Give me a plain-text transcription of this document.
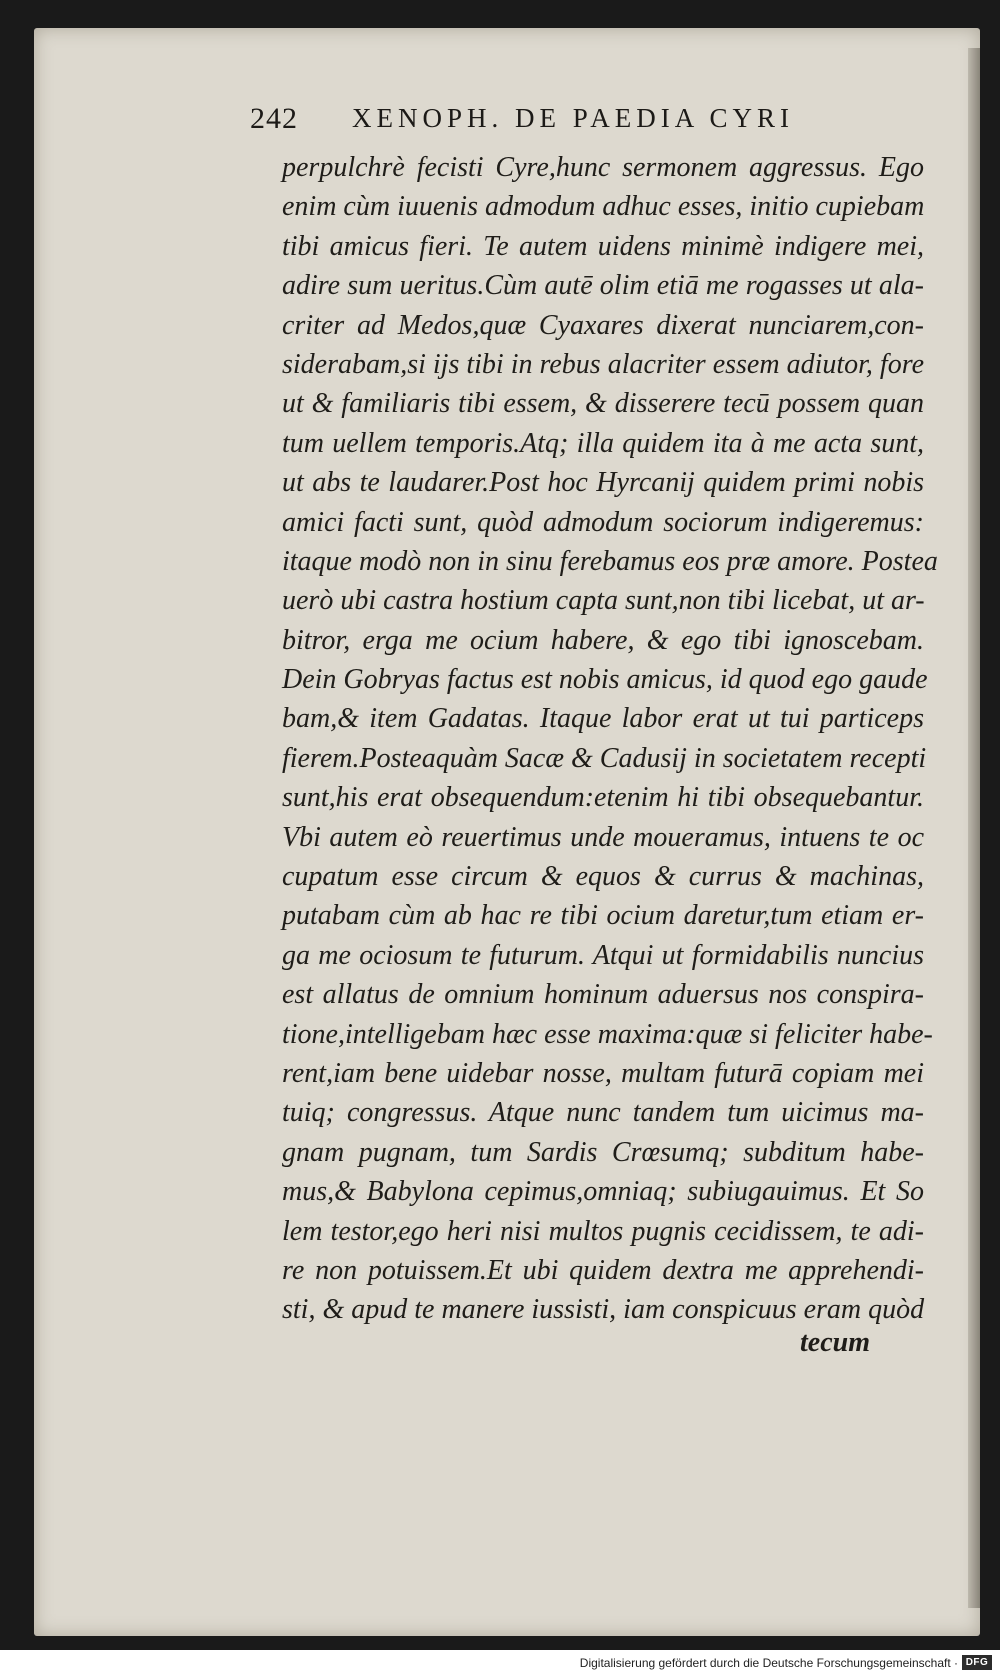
242 XENOPH. DE PAEDIA CYRI
perpulchrè fecisti Cyre,hunc sermonem aggressus. Ego
enim cùm iuuenis admodum adhuc esses, initio cupiebam
tibi amicus fieri. Te autem uidens minimè indigere mei,
adire sum ueritus.Cùm autē olim etiā me rogasses ut ala-
criter ad Medos,quæ Cyaxares dixerat nunciarem,con-
siderabam,si ijs tibi in rebus alacriter essem adiutor, fore
ut & familiaris tibi essem, & disserere tecū possem quan
tum uellem temporis.Atq; illa quidem ita à me acta sunt,
ut abs te laudarer.Post hoc Hyrcanij quidem primi nobis
amici facti sunt, quòd admodum sociorum indigeremus:
itaque modò non in sinu ferebamus eos præ amore. Postea
uerò ubi castra hostium capta sunt,non tibi licebat, ut ar-
bitror, erga me ocium habere, & ego tibi ignoscebam.
Dein Gobryas factus est nobis amicus, id quod ego gaude
bam,& item Gadatas. Itaque labor erat ut tui particeps
fierem.Posteaquàm Sacæ & Cadusij in societatem recepti
sunt,his erat obsequendum:etenim hi tibi obsequebantur.
Vbi autem eò reuertimus unde moueramus, intuens te oc
cupatum esse circum & equos & currus & machinas,
putabam cùm ab hac re tibi ocium daretur,tum etiam er-
ga me ociosum te futurum. Atqui ut formidabilis nuncius
est allatus de omnium hominum aduersus nos conspira-
tione,intelligebam hæc esse maxima:quæ si feliciter habe-
rent,iam bene uidebar nosse, multam futurā copiam mei
tuiq; congressus. Atque nunc tandem tum uicimus ma-
gnam pugnam, tum Sardis Crœsumq; subditum habe-
mus,& Babylona cepimus,omniaq; subiugauimus. Et So
lem testor,ego heri nisi multos pugnis cecidissem, te adi-
re non potuissem.Et ubi quidem dextra me apprehendi-
sti, & apud te manere iussisti, iam conspicuus eram quòd
tecum
Digitalisierung gefördert durch die Deutsche Forschungsgemeinschaft · DFG
